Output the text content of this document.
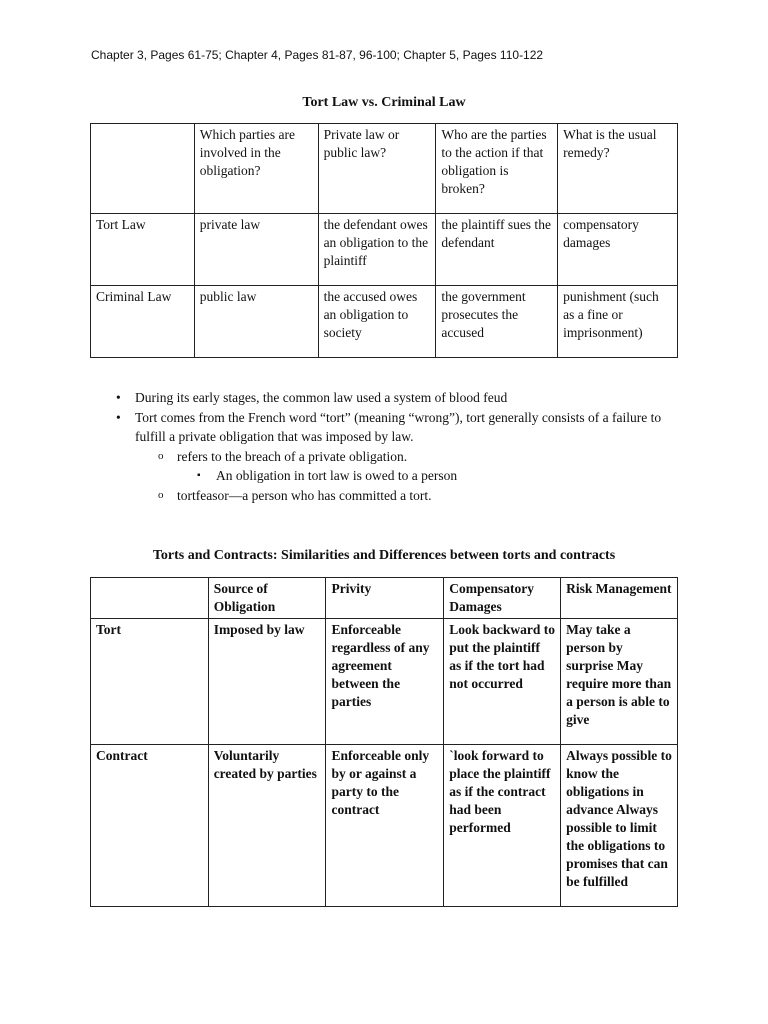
Chapter 3, Pages 61-75; Chapter 4, Pages 81-87, 96-100; Chapter 5, Pages 110-122
Tort Law vs. Criminal Law
	Which parties are involved in the obligation?	Private law or public law?	Who are the parties to the action if that obligation is broken?	What is the usual remedy?
Tort Law	private law	the defendant owes an obligation to the plaintiff	the plaintiff sues the defendant	compensatory damages
Criminal Law	public law	the accused owes an obligation to society	the government prosecutes the accused	punishment (such as a fine or imprisonment)
• During its early stages, the common law used a system of blood feud
• Tort comes from the French word “tort” (meaning “wrong”), tort generally consists of a failure to fulfill a private obligation that was imposed by law.
o refers to the breach of a private obligation.
▪ An obligation in tort law is owed to a person
o tortfeasor—a person who has committed a tort.
Torts and Contracts: Similarities and Differences between torts and contracts
	Source of Obligation	Privity	Compensatory Damages	Risk Management
Tort	Imposed by law	Enforceable regardless of any agreement between the parties	Look backward to put the plaintiff as if the tort had not occurred	May take a person by surprise May require more than a person is able to give
Contract	Voluntarily created by parties	Enforceable only by or against a party to the contract	`look forward to place the plaintiff as if the contract had been performed	Always possible to know the obligations in advance Always possible to limit the obligations to promises that can be fulfilled
